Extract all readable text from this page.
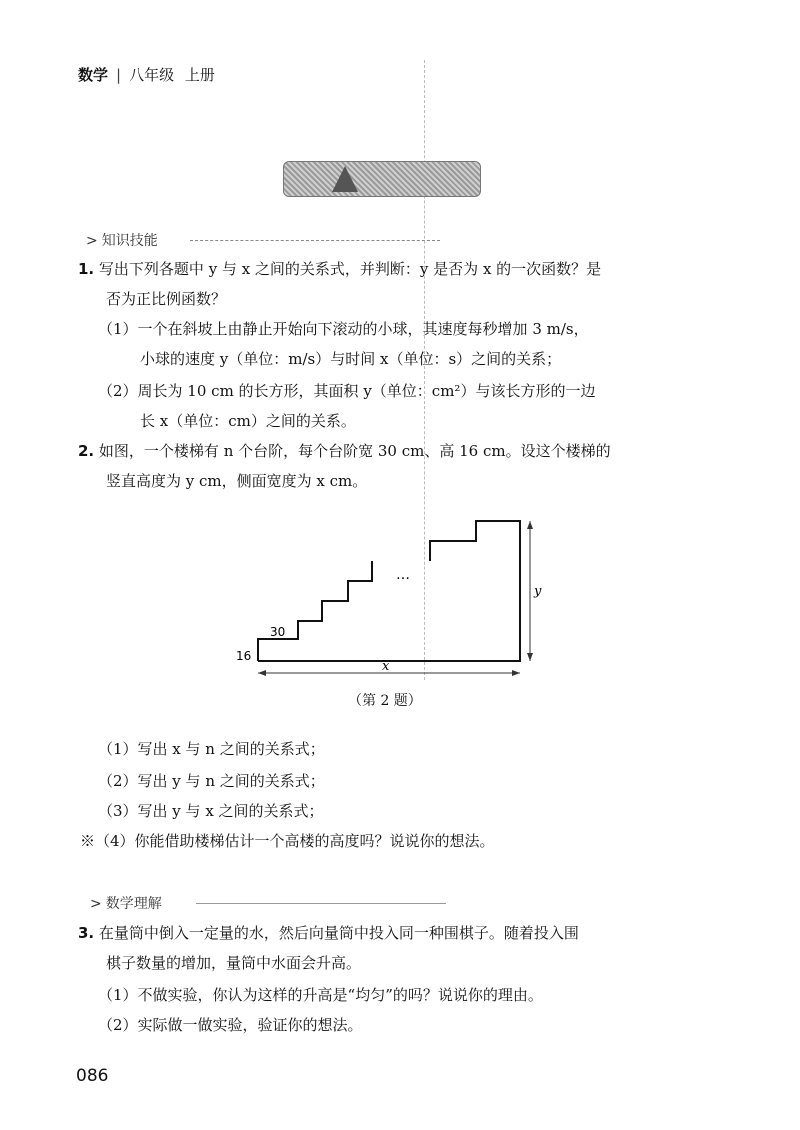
数学 | 八年级 上册
> 知识技能
1. 写出下列各题中 y 与 x 之间的关系式，并判断：y 是否为 x 的一次函数？是
否为正比例函数？
（1）一个在斜坡上由静止开始向下滚动的小球，其速度每秒增加 3 m/s，
小球的速度 y（单位：m/s）与时间 x（单位：s）之间的关系；
（2）周长为 10 cm 的长方形，其面积 y（单位：cm²）与该长方形的一边
长 x（单位：cm）之间的关系。
2. 如图，一个楼梯有 n 个台阶，每个台阶宽 30 cm、高 16 cm。设这个楼梯的
竖直高度为 y cm，侧面宽度为 x cm。
…
30
16
y
x
（第 2 题）
（1）写出 x 与 n 之间的关系式；
（2）写出 y 与 n 之间的关系式；
（3）写出 y 与 x 之间的关系式；
※（4）你能借助楼梯估计一个高楼的高度吗？说说你的想法。
> 数学理解
3. 在量筒中倒入一定量的水，然后向量筒中投入同一种围棋子。随着投入围
棋子数量的增加，量筒中水面会升高。
（1）不做实验，你认为这样的升高是“均匀”的吗？说说你的理由。
（2）实际做一做实验，验证你的想法。
086
